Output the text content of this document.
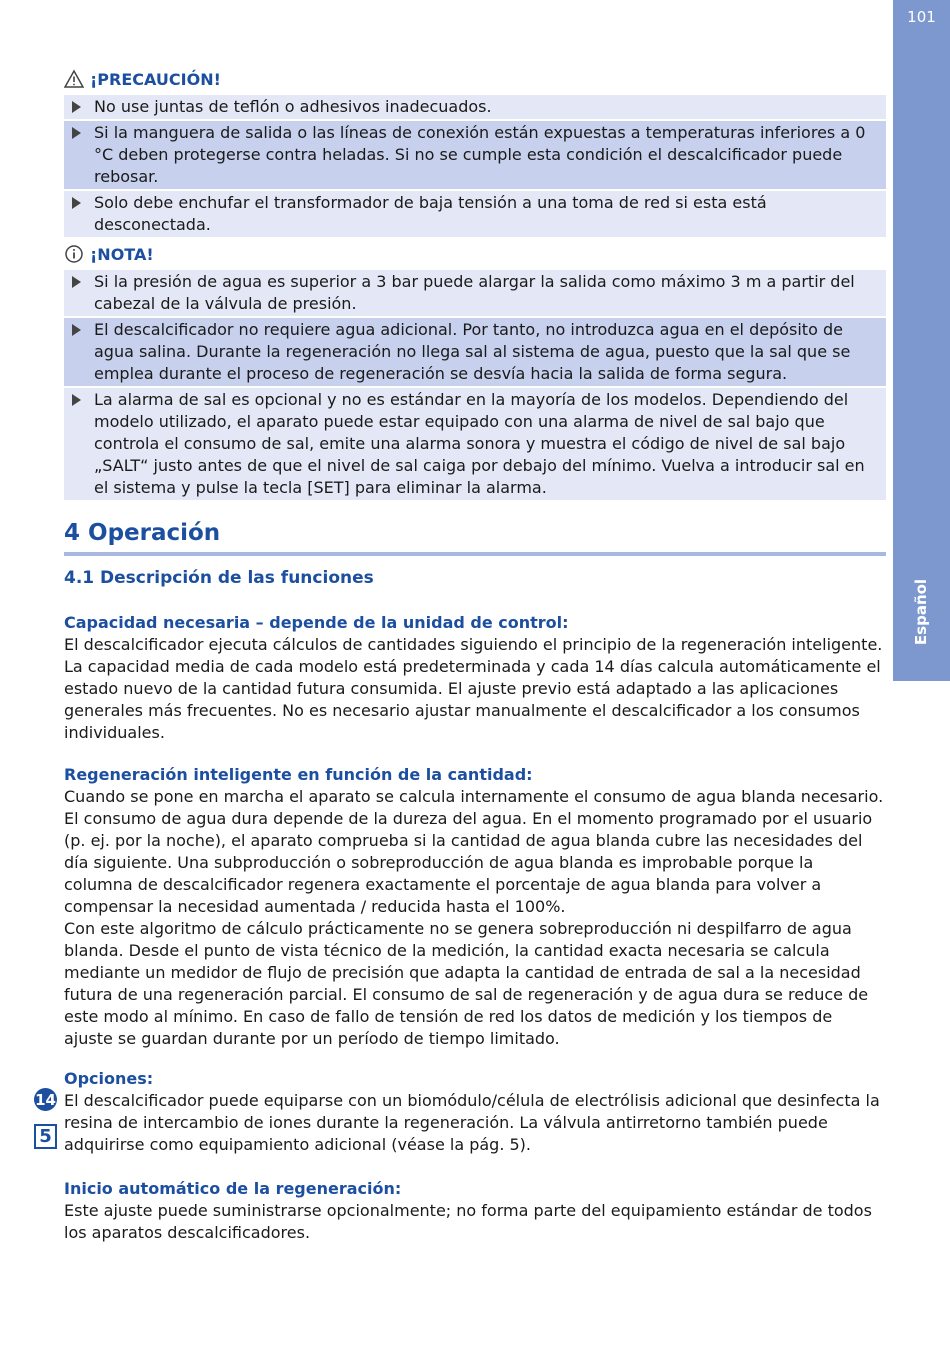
101
Español
¡PRECAUCIÓN!
No use juntas de teflón o adhesivos inadecuados.
Si la manguera de salida o las líneas de conexión están expuestas a temperaturas inferiores a 0 °C deben protegerse contra heladas. Si no se cumple esta condición el descalcificador puede rebosar.
Solo debe enchufar el transformador de baja tensión a una toma de red si esta está desconectada.
¡NOTA!
Si la presión de agua es superior a 3 bar puede alargar la salida como máximo 3 m a partir del cabezal de la válvula de presión.
El descalcificador no requiere agua adicional. Por tanto, no introduzca agua en el depósito de agua salina. Durante la regeneración no llega sal al sistema de agua, puesto que la sal que se emplea durante el proceso de regeneración se desvía hacia la salida de forma segura.
La alarma de sal es opcional y no es estándar en la mayoría de los modelos. Dependiendo del modelo utilizado, el aparato puede estar equipado con una alarma de nivel de sal bajo que controla el consumo de sal, emite una alarma sonora y muestra el código de nivel de sal bajo „SALT“ justo antes de que el nivel de sal caiga por debajo del mínimo. Vuelva a introducir sal en el sistema y pulse la tecla [SET] para eliminar la alarma.
4 Operación
4.1 Descripción de las funciones
Capacidad necesaria – depende de la unidad de control:
El descalcificador ejecuta cálculos de cantidades siguiendo el principio de la regeneración inteligente. La capacidad media de cada modelo está predeterminada y cada 14 días calcula automáticamente el estado nuevo de la cantidad futura consumida. El ajuste previo está adaptado a las aplicaciones generales más frecuentes. No es necesario ajustar manualmente el descalcificador a los consumos individuales.
Regeneración inteligente en función de la cantidad:
Cuando se pone en marcha el aparato se calcula internamente el consumo de agua blanda necesario. El consumo de agua dura depende de la dureza del agua. En el momento programado por el usuario (p. ej. por la noche), el aparato comprueba si la cantidad de agua blanda cubre las necesidades del día siguiente. Una subproducción o sobreproducción de agua blanda es improbable porque la columna de descalcificador regenera exactamente el porcentaje de agua blanda para volver a compensar la necesidad aumentada / reducida hasta el 100%.
Con este algoritmo de cálculo prácticamente no se genera sobreproducción ni despilfarro de agua blanda. Desde el punto de vista técnico de la medición, la cantidad exacta necesaria se calcula mediante un medidor de flujo de precisión que adapta la cantidad de entrada de sal a la necesidad futura de una regeneración parcial. El consumo de sal de regeneración y de agua dura se reduce de este modo al mínimo. En caso de fallo de tensión de red los datos de medición y los tiempos de ajuste se guardan durante por un período de tiempo limitado.
Opciones:
El descalcificador puede equiparse con un biomódulo/célula de electrólisis adicional que desinfecta la resina de intercambio de iones durante la regeneración. La válvula antirretorno también puede adquirirse como equipamiento adicional (véase la pág. 5).
Inicio automático de la regeneración:
Este ajuste puede suministrarse opcionalmente; no forma parte del equipamiento estándar de todos los aparatos descalcificadores.
14
5
